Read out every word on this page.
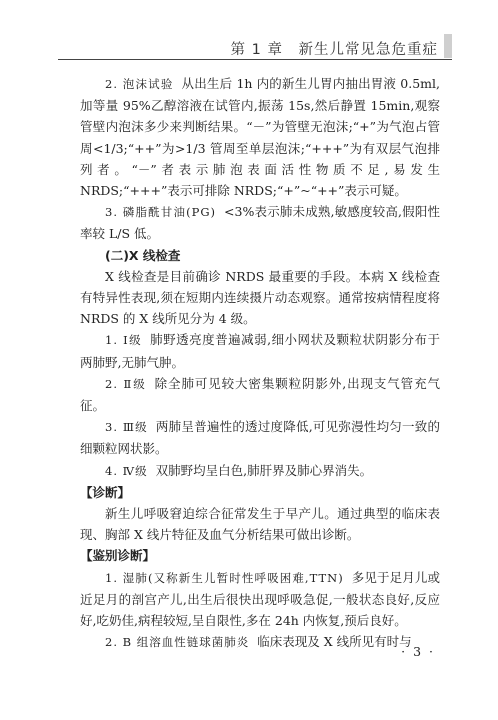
第 1 章　新生儿常见急危重症

2. 泡沫试验 从出生后 1h 内的新生儿胃内抽出胃液 0.5ml,加等量 95%乙醇溶液在试管内,振荡 15s,然后静置 15min,观察管壁内泡沫多少来判断结果。“－”为管壁无泡沫;“+”为气泡占管周<1/3;“++”为>1/3 管周至单层泡沫;“+++”为有双层气泡排列者。“－”者表示肺泡表面活性物质不足,易发生 NRDS;“+++”表示可排除 NRDS;“+”~“++”表示可疑。

3. 磷脂酰甘油(PG) <3%表示肺未成熟,敏感度较高,假阳性率较 L/S 低。

(二)X 线检查

X 线检查是目前确诊 NRDS 最重要的手段。本病 X 线检查有特异性表现,须在短期内连续摄片动态观察。通常按病情程度将 NRDS 的 X 线所见分为 4 级。

1. Ⅰ级 肺野透亮度普遍减弱,细小网状及颗粒状阴影分布于两肺野,无肺气肿。

2. Ⅱ级 除全肺可见较大密集颗粒阴影外,出现支气管充气征。

3. Ⅲ级 两肺呈普遍性的透过度降低,可见弥漫性均匀一致的细颗粒网状影。

4. Ⅳ级 双肺野均呈白色,肺肝界及肺心界消失。

【诊断】

新生儿呼吸窘迫综合征常发生于早产儿。通过典型的临床表现、胸部 X 线片特征及血气分析结果可做出诊断。

【鉴别诊断】

1. 湿肺(又称新生儿暂时性呼吸困难,TTN) 多见于足月儿或近足月的剖宫产儿,出生后很快出现呼吸急促,一般状态良好,反应好,吃奶佳,病程较短,呈自限性,多在 24h 内恢复,预后良好。

2. B 组溶血性链球菌肺炎 临床表现及 X 线所见有时与

· 3 ·
